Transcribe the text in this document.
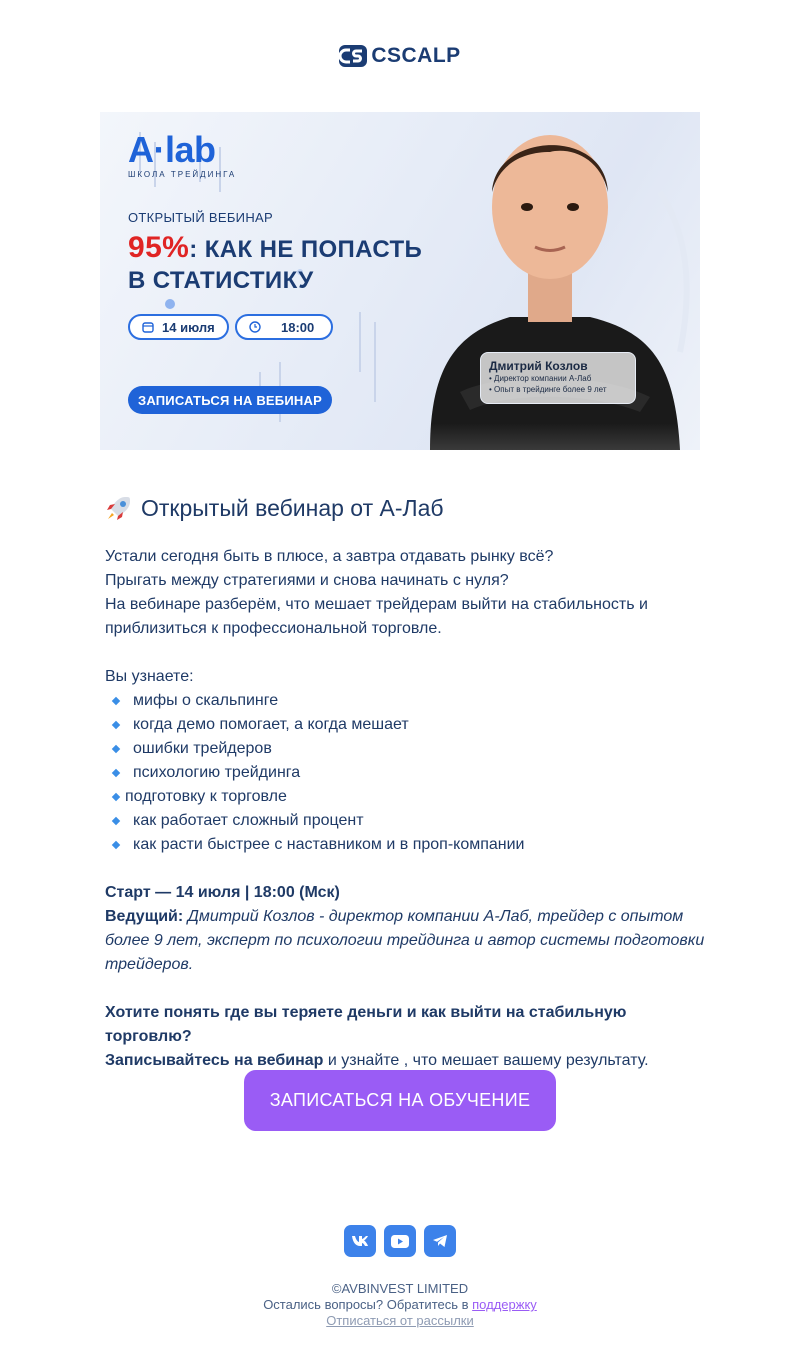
CSCALP
A·lab
ШКОЛА ТРЕЙДИНГА
ОТКРЫТЫЙ ВЕБИНАР
95%: КАК НЕ ПОПАСТЬ
В СТАТИСТИКУ
14 июля	18:00
ЗАПИСАТЬСЯ НА ВЕБИНАР
Дмитрий Козлов
• Директор компании А-Лаб
• Опыт в трейдинге более 9 лет
Открытый вебинар от А-Лаб
Устали сегодня быть в плюсе, а завтра отдавать рынку всё?
Прыгать между стратегиями и снова начинать с нуля?
На вебинаре разберём, что мешает трейдерам выйти на стабильность и
приблизиться к профессиональной торговле.
Вы узнаете:
мифы о скальпинге
когда демо помогает, а когда мешает
ошибки трейдеров
психологию трейдинга
подготовку к торговле
как работает сложный процент
как расти быстрее с наставником и в проп-компании
Старт — 14 июля | 18:00 (Мск)
Ведущий: Дмитрий Козлов - директор компании А-Лаб, трейдер с опытом
более 9 лет, эксперт по психологии трейдинга и автор системы подготовки
трейдеров.
Хотите понять где вы теряете деньги и как выйти на стабильную торговлю?
Записывайтесь на вебинар и узнайте , что мешает вашему результату.
ЗАПИСАТЬСЯ НА ОБУЧЕНИЕ
©AVBINVEST LIMITED
Остались вопросы? Обратитесь в поддержку
Отписаться от рассылки
